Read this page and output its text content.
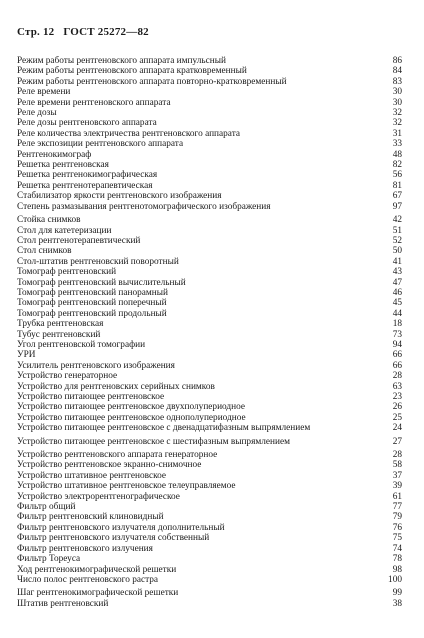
Стр. 12 ГОСТ 25272—82
Режим работы рентгеновского аппарата импульсный	86
Режим работы рентгеновского аппарата кратковременный	84
Режим работы рентгеновского аппарата повторно-кратковременный	83
Реле времени	30
Реле времени рентгеновского аппарата	30
Реле дозы	32
Реле дозы рентгеновского аппарата	32
Реле количества электричества рентгеновского аппарата	31
Реле экспозиции рентгеновского аппарата	33
Рентгенокимограф	48
Решетка рентгеновская	82
Решетка рентгенокимографическая	56
Решетка рентгенотерапевтическая	81
Стабилизатор яркости рентгеновского изображения	67
Степень размазывания рентгенотомографического изображения	97
Стойка снимков	42
Стол для катетеризации	51
Стол рентгенотерапевтический	52
Стол снимков	50
Стол-штатив рентгеновский поворотный	41
Томограф рентгеновский	43
Томограф рентгеновский вычислительный	47
Томограф рентгеновский панорамный	46
Томограф рентгеновский поперечный	45
Томограф рентгеновский продольный	44
Трубка рентгеновская	18
Тубус рентгеновский	73
Угол рентгеновской томографии	94
УРИ	66
Усилитель рентгеновского изображения	66
Устройство генераторное	28
Устройство для рентгеновских серийных снимков	63
Устройство питающее рентгеновское	23
Устройство питающее рентгеновское двухполупериодное	26
Устройство питающее рентгеновское однополупериодное	25
Устройство питающее рентгеновское с двенадцатифазным выпрямлением	24
Устройство питающее рентгеновское с шестифазным выпрямлением	27
Устройство рентгеновского аппарата генераторное	28
Устройство рентгеновское экранно-снимочное	58
Устройство штативное рентгеновское	37
Устройство штативное рентгеновское телеуправляемое	39
Устройство электрорентгенографическое	61
Фильтр общий	77
Фильтр рентгеновский клиновидный	79
Фильтр рентгеновского излучателя дополнительный	76
Фильтр рентгеновского излучателя собственный	75
Фильтр рентгеновского излучения	74
Фильтр Тореуса	78
Ход рентгенокимографической решетки	98
Число полос рентгеновского растра	100
Шаг рентгенокимографической решетки	99
Штатив рентгеновский	38
